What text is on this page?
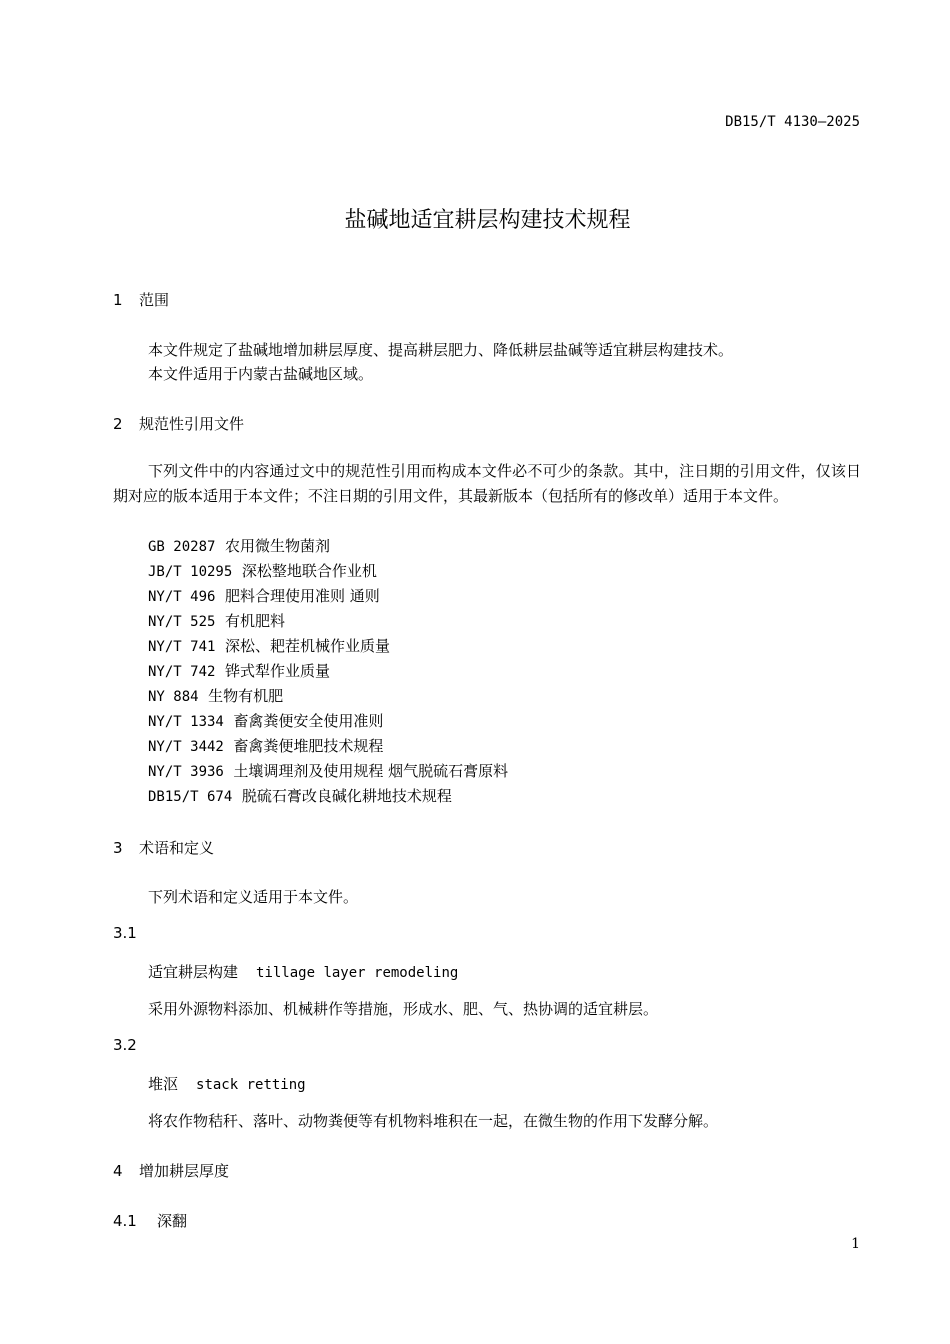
DB15/T 4130—2025
盐碱地适宜耕层构建技术规程
1 范围
本文件规定了盐碱地增加耕层厚度、提高耕层肥力、降低耕层盐碱等适宜耕层构建技术。
本文件适用于内蒙古盐碱地区域。
2 规范性引用文件
下列文件中的内容通过文中的规范性引用而构成本文件必不可少的条款。其中，注日期的引用文件，仅该日期对应的版本适用于本文件；不注日期的引用文件，其最新版本（包括所有的修改单）适用于本文件。
GB 20287 农用微生物菌剂
JB/T 10295 深松整地联合作业机
NY/T 496 肥料合理使用准则 通则
NY/T 525 有机肥料
NY/T 741 深松、耙茬机械作业质量
NY/T 742 铧式犁作业质量
NY 884 生物有机肥
NY/T 1334 畜禽粪便安全使用准则
NY/T 3442 畜禽粪便堆肥技术规程
NY/T 3936 土壤调理剂及使用规程 烟气脱硫石膏原料
DB15/T 674 脱硫石膏改良碱化耕地技术规程
3 术语和定义
下列术语和定义适用于本文件。
3.1
适宜耕层构建 tillage layer remodeling
采用外源物料添加、机械耕作等措施，形成水、肥、气、热协调的适宜耕层。
3.2
堆沤 stack retting
将农作物秸秆、落叶、动物粪便等有机物料堆积在一起，在微生物的作用下发酵分解。
4 增加耕层厚度
4.1 深翻
1
